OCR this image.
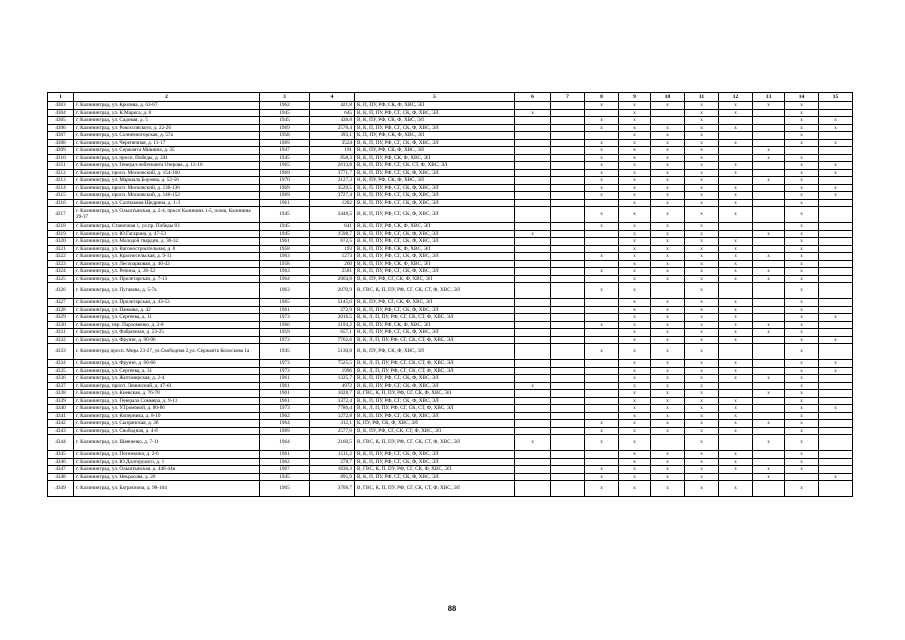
1	2	3	4	5	6	7	8	9	10	11	12	13	14	15
4303	г. Калининград, ул. Кролева, д. 63-67	1962	421,8	К, П, ПУ, РФ, СК, Ф, ХВС, ЭЛ			х	х	х	х	х	х	х	
4304	г. Калининград, ул. К.Маркса, д. 8	1945	645	В, К, П, ПУ, РФ, СГ, СК, Ф, ХВС, ЭЛ	х			х		х	х		х	
4305	г. Калининград, ул. Садовая, д. 5	1945	438,8	В, К, ПУ, РФ, СК, Ф, ХВС, ЭЛ			х	х		х			х	х
4306	г. Калининград, ул. Рокоссовского, д. 22-26	1969	2578,4	В, К, П, ПУ, РФ, СГ, СК, Ф, ХВС, ЭЛ			х	х	х	х	х		х	х
4307	г. Калининград, ул. Солнечногорская, д. 57а	1958	393,1	К, П, ПУ, РФ, СК, Ф, ХВС, ЭЛ				х	х	х			х	
4308	г. Калининград, ул. Черепичная, д. 11-17	1969	3524	В, К, П, ПУ, РФ, СГ, СК, Ф, ХВС, ЭЛ			х	х	х	х	х		х	х
4309	г. Калининград, ул. Сержанта Мишина, д. 35	1947	191	В, К, ПУ, РФ, СК, Ф, ХВС, ЭЛ			х	х	х	х		х		
4310	г. Калининград, ул. просп. Победы, д. 241	1945	858,3	В, К, П, ПУ, РФ, СК, Ф, ХВС, ЭЛ			х	х	х	х		х	х	
4311	г. Калининград, ул. Генерал-лейтенанта Озерова, д. 12-16	1965	2613,8	В, К, П, ПУ, РФ, СГ, СК, СТ, Ф, ХВС, ЭЛ			х	х	х	х	х		х	х
4312	г. Калининград, просп. Московский, д. 154-160	1969	3771,7	В, К, П, ПУ, РФ, СГ, СК, Ф, ХВС, ЭЛ			х	х	х	х	х		х	х
4313	г. Калининград, ул. Маршала Борзова, д. 52-56	1970	3127,3	В, К, ПУ, РФ, СК, Ф, ХВС, ЭЛ			х	х	х	х		х	х	
4314	г. Калининград, просп. Московский, д. 130-136	1969	3529,5	В, К, П, ПУ, РФ, СГ, СК, Ф, ХВС, ЭЛ			х	х	х	х	х		х	х
4315	г. Калининград, просп. Московский, д. 146-152	1969	3727,4	В, К, П, ПУ, РФ, СГ, СК, Ф, ХВС, ЭЛ			х	х	х	х	х		х	х
4316	г. Калининград, ул. Салтыкова-Щедрина, д. 1-3	1961	1282	В, К, П, ПУ, РФ, СГ, СК, Ф, ХВС, ЭЛ				х	х	х	х		х	
4317	г. Калининград, ул. Ольштынская, д. 2-4, просп Калинина 1-5, площ. Калинина 29-37	1945	3448,5	В, К, П, ПУ, РФ, СГ, СК, Ф, ХВС, ЭЛ			х	х	х	х	х		х	
4318	г. Калининград, Станочная 1, ул.пр. Победы 83	1945	641	В, К, П, ПУ, РФ, СК, Ф, ХВС, ЭЛ			х	х	х	х			х	
4319	г. Калининград, ул. Ю.Гагарина, д. 47-53	1945	1598,7	В, К, П, ПУ, РФ, СГ, СК, Ф, ХВС, ЭЛ	х			х	х	х		х	х	
4320	г. Калининград, ул. Молодой гвардии, д. 30-32	1961	672,5	В, К, П, ПУ, РФ, СГ, СК, Ф, ХВС, ЭЛ				х	х	х	х		х	
4321	г. Калининград, ул. Вагоностроительная, д. 8	1958	193	В, К, П, ПУ, РФ, СК, Ф, ХВС, ЭЛ				х	х	х	х		х	
4322	г. Калининград, ул. Красносельская, д. 9-11	1963	1273	В, К, П, ПУ, РФ, СГ, СК, Ф, ХВС, ЭЛ			х	х	х	х	х	х	х	
4323	г. Калининград, ул. Лесопарковая, д. 40-42	1958	260	В, К, П, ПУ, РФ, СК, Ф, ХВС, ЭЛ				х	х	х	х		х	
4324	г. Калининград, ул. Репина, д. 26-32	1963	2581	В, К, П, ПУ, РФ, СГ, СК, Ф, ХВС, ЭЛ			х	х	х	х	х	х	х	
4325	г. Калининград, ул. Пролетарская, д. 7-13	1964	2664,8	В, К, ПУ, РФ, СГ, СК, Ф, ХВС, ЭЛ				х	х	х	х	х	х	
4326	г. Калининград, ул. Пугачева, д. 5-7а	1963	2070,9	В, ГВС, К, П, ПУ, РФ, СГ, СК, СТ, Ф, ХВС, ЭЛ			х	х		х			х	
4327	г. Калининград, ул. Пролетарская, д. 43-53	1965	5145,6	В, К, ПУ, РФ, СГ, СК, Ф, ХВС, ЭЛ				х	х	х	х		х	
4328	г. Калининград, ул. Панкова, д. 42	1961	272,9	В, К, П, ПУ, РФ, СГ, СК, Ф, ХВС, ЭЛ				х	х	х	х		х	
4329	г. Калининград, ул. Сергеева, д. 11	1973	2016,5	В, К, Л, П, ПУ, РФ, СГ, СК, СТ, Ф, ХВС, ЭЛ				х	х	х	х		х	х
4330	г. Калининград, пер. Пархоменко, д. 2-8	1966	3194,2	В, К, П, ПУ, РФ, СК, Ф, ХВС, ЭЛ			х	х	х	х	х	х	х	
4331	г. Калининград, ул. Фабричная, д. 23-25	1959	657,1	В, К, П, ПУ, РФ, СГ, СК, Ф, ХВС, ЭЛ				х	х	х	х	х	х	
4332	г. Калининград, ул. Фрунзе, д. 90-96	1973	7762,6	В, К, Л, П, ПУ, РФ, СГ, СК, СТ, Ф, ХВС, ЭЛ				х	х	х	х		х	х
4333	г. Калининград просп. Мира 23-27, ул.Свободная 2,ул. Сержанта Колоскова 1а	1945	5130,8	В, К, ПУ, РФ, СК, Ф, ХВС, ЭЛ			х	х	х	х			х	
4334	г. Калининград, ул. Фрунзе, д. 60-66	1973	7525,5	В, К, Л, П, ПУ, РФ, СГ, СК, СТ, Ф, ХВС, ЭЛ				х	х	х	х		х	х
4335	г. Калининград, ул. Сергеева, д. 31	1973	1996	В, К, Л, П, ПУ, РФ, СГ, СК, СТ, Ф, ХВС, ЭЛ				х	х	х	х		х	х
4336	г. Калининград, ул. Житомирская, д. 2-4	1961	1325,7	В, К, П, ПУ, РФ, СГ, СК, Ф, ХВС, ЭЛ				х	х	х	х	х	х	
4337	г. Калининград, просп. Ленинский, д. 47-61	1961	4972	В, К, П, ПУ, РФ, СГ, СК, Ф, ХВС, ЭЛ	х			х	х	х			х	
4338	г. Калининград, ул. Киевская, д. 76-78	1961	1028,7	В, ГВС, К, П, ПУ, РФ, СГ, СК, Ф, ХВС, ЭЛ				х	х	х		х	х	
4339	г. Калининград, ул. Генерала Соммера, д. 9-11	1961	1372,4	В, К, П, ПУ, РФ, СГ, СК, Ф, ХВС, ЭЛ				х	х	х	х		х	
4340	г. Калининград, ул. У.Громовой, д. 80-86	1973	7786,4	В, К, Л, П, ПУ, РФ, СГ, СК, СТ, Ф, ХВС, ЭЛ				х	х	х	х		х	х
4341	г. Калининград, ул. Коперника, д. 8-10	1962	1272,8	В, К, П, ПУ, РФ, СГ, СК, Ф, ХВС, ЭЛ				х	х	х	х		х	
4342	г. Калининград, ул. Сызранская, д. 3б	1964	312,1	К, ПУ, РФ, СК, Ф, ХВС, ЭЛ			х	х	х	х	х	х	х	
4343	г. Калининград, ул. Свободная, д. 4-8	1969	2577,6	В, К, ПУ, РФ, СГ, СК, СТ, Ф, ХВС, ЭЛ			х	х	х	х	х		х	
4344	г. Калининград, ул. Шевченко, д. 7-11	1964	2160,5	В, ГВС, К, П, ПУ, РФ, СГ, СК, СТ, Ф, ХВС, ЭЛ	х		х	х		х		х	х	
4345	г. Калининград, ул. Потемкина, д. 2-6	1961	1511,2	В, К, П, ПУ, РФ, СГ, СК, Ф, ХВС, ЭЛ				х	х	х	х		х	
4346	г. Калининград, ул. Ю.Долгорукого, д. 1	1962	278,7	В, К, П, ПУ, РФ, СГ, СК, Ф, ХВС, ЭЛ				х	х	х	х		х	
4347	г. Калининград, ул. Ольштынская, д. 44б-44в	1967	1836,3	В, ГВС, К, П, ПУ, РФ, СГ, СК, Ф, ХВС, ЭЛ			х	х	х	х	х	х	х	
4348	г. Калининград, ул. Некрасова, д. 26	1945	895,9	В, К, П, ПУ, РФ, СГ, СК, Ф, ХВС, ЭЛ			х	х	х	х		х		х
4349	г. Калининград, ул. Багратиона, д. 98-104	1965	3708,7	В, ГВС, К, П, ПУ, РФ, СГ, СК, СТ, Ф, ХВС, ЭЛ			х	х	х	х	х		х	
88
